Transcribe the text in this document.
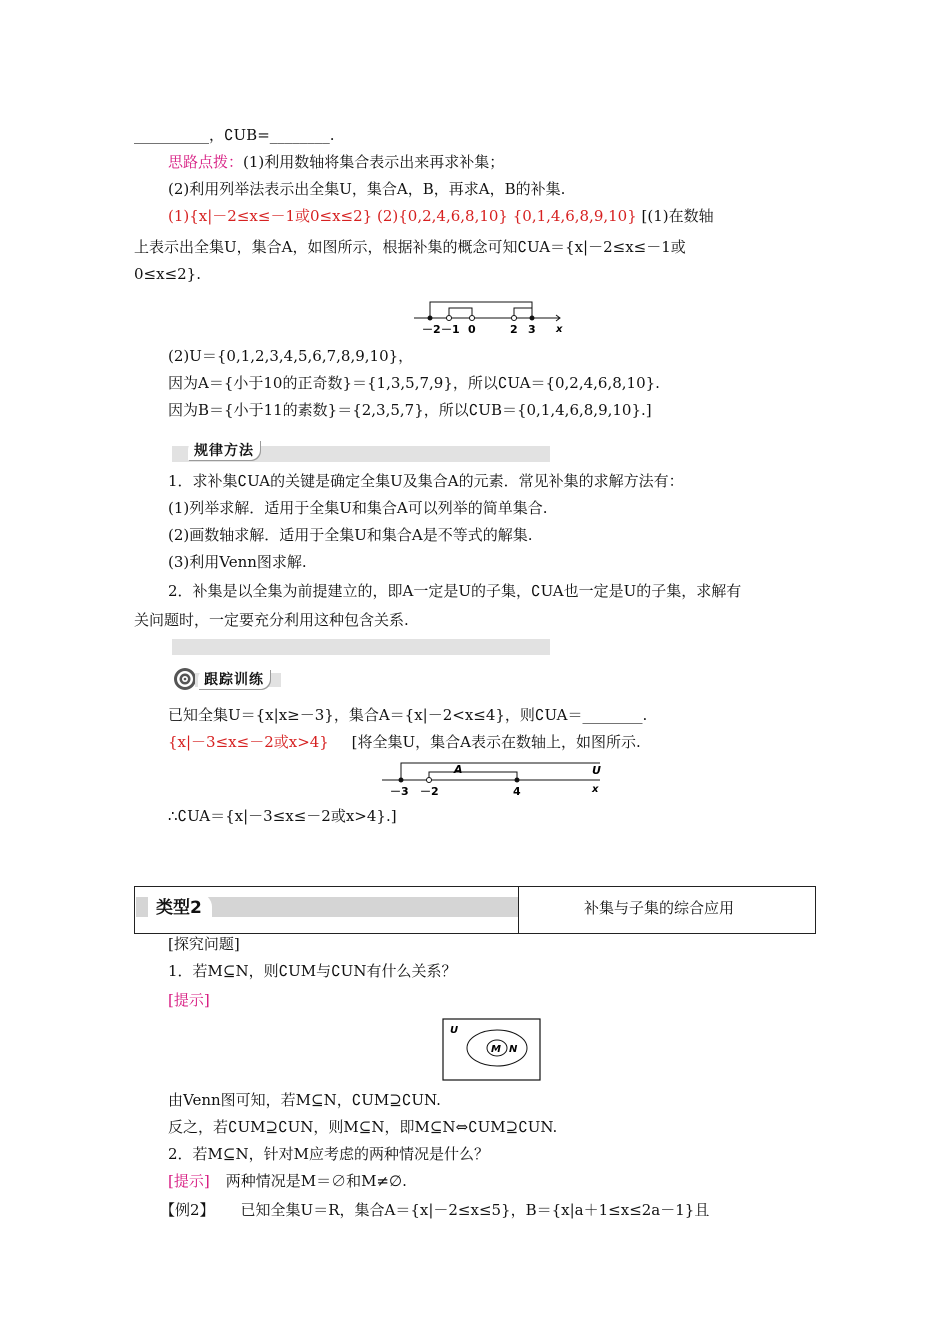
__________，∁UB=________.
思路点拨：(1)利用数轴将集合表示出来再求补集；
(2)利用列举法表示出全集U，集合A，B，再求A，B的补集.
(1){x|－2≤x≤－1或0≤x≤2} (2){0,2,4,6,8,10} {0,1,4,6,8,9,10} [(1)在数轴
上表示出全集U，集合A，如图所示，根据补集的概念可知∁UA＝{x|－2≤x≤－1或
0≤x≤2}.
－2 －1 0	2 3 x
(2)U＝{0,1,2,3,4,5,6,7,8,9,10}，
因为A＝{小于10的正奇数}＝{1,3,5,7,9}，所以∁UA＝{0,2,4,6,8,10}.
因为B＝{小于11的素数}＝{2,3,5,7}，所以∁UB＝{0,1,4,6,8,9,10}.]
规律方法
1．求补集∁UA的关键是确定全集U及集合A的元素．常见补集的求解方法有：
(1)列举求解．适用于全集U和集合A可以列举的简单集合.
(2)画数轴求解．适用于全集U和集合A是不等式的解集.
(3)利用Venn图求解.
2．补集是以全集为前提建立的，即A一定是U的子集，∁UA也一定是U的子集，求解有
关问题时，一定要充分利用这种包含关系.
跟踪训练
已知全集U＝{x|x≥－3}，集合A＝{x|－2<x≤4}，则∁UA＝________.
{x|－3≤x≤－2或x>4} [将全集U，集合A表示在数轴上，如图所示.
A	U
－3 －2	4	x
∴∁UA＝{x|－3≤x≤－2或x>4}.]
类型2	补集与子集的综合应用
[探究问题]
1．若M⊆N，则∁UM与∁UN有什么关系？
[提示]
U
M N
由Venn图可知，若M⊆N，∁UM⊇∁UN.
反之，若∁UM⊇∁UN，则M⊆N，即M⊆N⇔∁UM⊇∁UN.
2．若M⊆N，针对M应考虑的两种情况是什么？
[提示] 两种情况是M＝∅和M≠∅.
【例2】 已知全集U＝R，集合A＝{x|－2≤x≤5}，B＝{x|a＋1≤x≤2a－1}且
